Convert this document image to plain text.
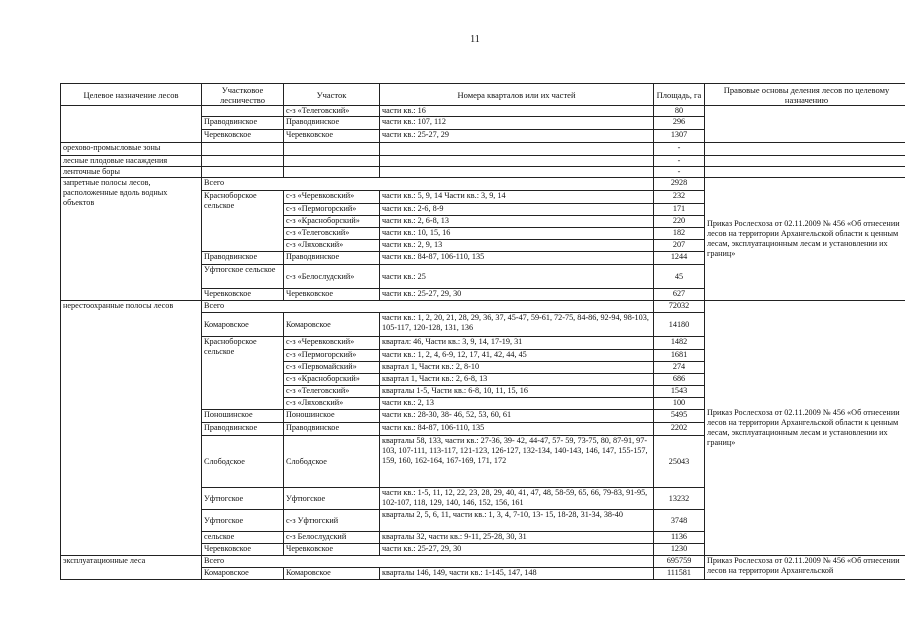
11
Целевое назначение лесов	Участковое лесничество	Участок	Номера кварталов или их частей	Площадь, га	Правовые основы деления лесов по целевому назначению
		с-з «Телеговский»	части кв.: 16	80	
	Праводвинское	Праводвинское	части кв.: 107, 112	296	
	Черевковское	Черевковское	части кв.: 25-27, 29	1307	
орехово-промысловые зоны				-	
лесные плодовые насаждения				-	
ленточные боры				-	
запретные полосы лесов, расположенные вдоль водных объектов	Всего			2928	Приказ Рослесхоза от 02.11.2009 № 456 «Об отнесении лесов на территории Архангельской области к ценным лесам, эксплуатационным лесам и установлении их границ»
	Красноборское сельское	с-з «Черевковский»	части кв.: 5, 9, 14 Части кв.: 3, 9, 14	232	
		с-з «Пермогорский»	части кв.: 2-6, 8-9	171	
		с-з «Красноборский»	части кв.: 2, 6-8, 13	220	
		с-з «Телеговский»	части кв.: 10, 15, 16	182	
		с-з «Ляховский»	части кв.: 2, 9, 13	207	
	Праводвинское	Праводвинское	части кв.: 84-87, 106-110, 135	1244	
	Уфтюгское сельское	с-з «Белослудский»	части кв.: 25	45	
	Черевковское	Черевковское	части кв.: 25-27, 29, 30	627	
нерестоохранные полосы лесов	Всего			72032	Приказ Рослесхоза от 02.11.2009 № 456 «Об отнесении лесов на территории Архангельской области к ценным лесам, эксплуатационным лесам и установлении их границ»
	Комаровское	Комаровское	части кв.: 1, 2, 20, 21, 28, 29, 36, 37, 45-47, 59-61, 72-75, 84-86, 92-94, 98-103, 105-117, 120-128, 131, 136	14180	
	Красноборское сельское	с-з «Черевковский»	квартал: 46, Части кв.: 3, 9, 14, 17-19, 31	1482	
		с-з «Пермогорский»	части кв.: 1, 2, 4, 6-9, 12, 17, 41, 42, 44, 45	1681	
		с-з «Первомайский»	квартал 1, Части кв.: 2, 8-10	274	
		с-з «Красноборский»	квартал 1, Части кв.: 2, 6-8, 13	686	
		с-з «Телеговский»	кварталы 1-5, Части кв.: 6-8, 10, 11, 15, 16	1543	
		с-з «Ляховский»	части кв.: 2, 13	100	
	Поношинское	Поношинское	части кв.: 28-30, 38- 46, 52, 53, 60, 61	5495	
	Праводвинское	Праводвинское	части кв.: 84-87, 106-110, 135	2202	
	Слободское	Слободское	кварталы 58, 133, части кв.: 27-36, 39- 42, 44-47, 57- 59, 73-75, 80, 87-91, 97-103, 107-111, 113-117, 121-123, 126-127, 132-134, 140-143, 146, 147, 155-157, 159, 160, 162-164, 167-169, 171, 172	25043	
	Уфтюгское	Уфтюгское	части кв.: 1-5, 11, 12, 22, 23, 28, 29, 40, 41, 47, 48, 58-59, 65, 66, 79-83, 91-95, 102-107, 118, 129, 140, 146, 152, 156, 161	13232	
	Уфтюгское	с-з Уфтюгский	кварталы 2, 5, 6, 11, части кв.: 1, 3, 4, 7-10, 13- 15, 18-28, 31-34, 38-40	3748	
	сельское	с-з Белослудский	кварталы 32, части кв.: 9-11, 25-28, 30, 31	1136	
	Черевковское	Черевковское	части кв.: 25-27, 29, 30	1230	
эксплуатационные леса	Всего			695759	Приказ Рослесхоза от 02.11.2009 № 456 «Об отнесении лесов на территории Архангельской
	Комаровское	Комаровское	кварталы 146, 149, части кв.: 1-145, 147, 148	111581	
